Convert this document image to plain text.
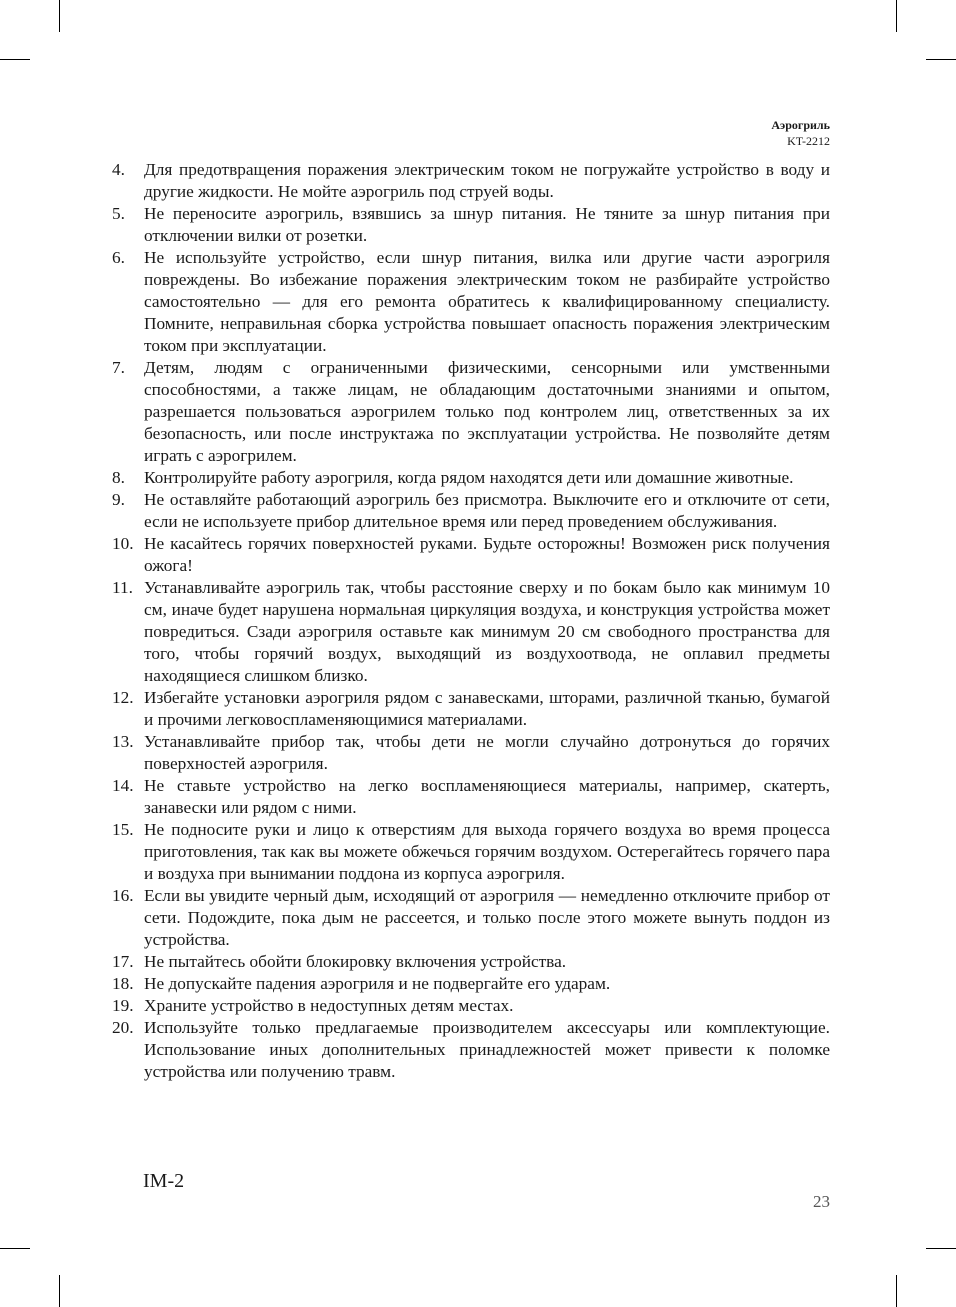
Аэрогриль
KT-2212
4. Для предотвращения поражения электрическим током не погружайте устройство в воду и другие жидкости. Не мойте аэрогриль под струей воды.
5. Не переносите аэрогриль, взявшись за шнур питания. Не тяните за шнур питания при отключении вилки от розетки.
6. Не используйте устройство, если шнур питания, вилка или другие части аэрогриля повреждены. Во избежание поражения электрическим током не разбирайте устройство самостоятельно — для его ремонта обратитесь к квалифицированному специалисту. Помните, неправильная сборка устройства повышает опасность поражения электрическим током при эксплуатации.
7. Детям, людям с ограниченными физическими, сенсорными или умственными способностями, а также лицам, не обладающим достаточными знаниями и опытом, разрешается пользоваться аэрогрилем только под контролем лиц, ответственных за их безопасность, или после инструктажа по эксплуатации устройства. Не позволяйте детям играть с аэрогрилем.
8. Контролируйте работу аэрогриля, когда рядом находятся дети или домашние животные.
9. Не оставляйте работающий аэрогриль без присмотра. Выключите его и отключите от сети, если не используете прибор длительное время или перед проведением обслуживания.
10. Не касайтесь горячих поверхностей руками. Будьте осторожны! Возможен риск получения ожога!
11. Устанавливайте аэрогриль так, чтобы расстояние сверху и по бокам было как минимум 10 см, иначе будет нарушена нормальная циркуляция воздуха, и конструкция устройства может повредиться. Сзади аэрогриля оставьте как минимум 20 см свободного пространства для того, чтобы горячий воздух, выходящий из воздухоотвода, не оплавил предметы находящиеся слишком близко.
12. Избегайте установки аэрогриля рядом с занавесками, шторами, различной тканью, бумагой и прочими легковоспламеняющимися материалами.
13. Устанавливайте прибор так, чтобы дети не могли случайно дотронуться до горячих поверхностей аэрогриля.
14. Не ставьте устройство на легко воспламеняющиеся материалы, например, скатерть, занавески или рядом с ними.
15. Не подносите руки и лицо к отверстиям для выхода горячего воздуха во время процесса приготовления, так как вы можете обжечься горячим воздухом. Остерегайтесь горячего пара и воздуха при вынимании поддона из корпуса аэрогриля.
16. Если вы увидите черный дым, исходящий от аэрогриля — немедленно отключите прибор от сети. Подождите, пока дым не рассеется, и только после этого можете вынуть поддон из устройства.
17. Не пытайтесь обойти блокировку включения устройства.
18. Не допускайте падения аэрогриля и не подвергайте его ударам.
19. Храните устройство в недоступных детям местах.
20. Используйте только предлагаемые производителем аксессуары или комплектующие. Использование иных дополнительных принадлежностей может привести к поломке устройства или получению травм.
IM-2
23
